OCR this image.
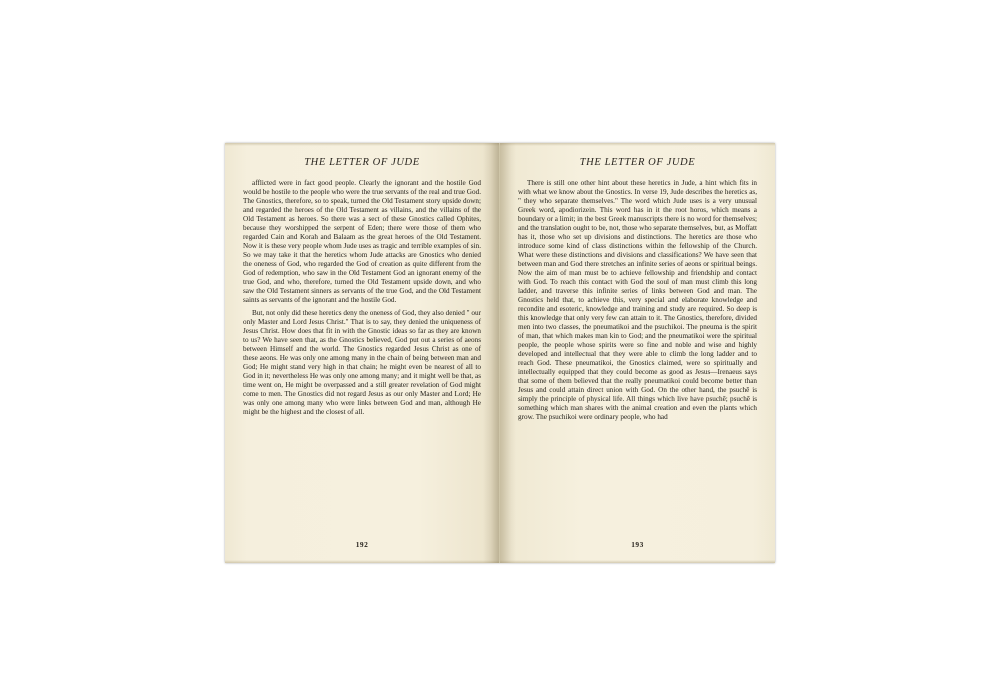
THE LETTER OF JUDE

afflicted were in fact good people. Clearly the ignorant and the hostile God would be hostile to the people who were the true servants of the real and true God. The Gnostics, therefore, so to speak, turned the Old Testament story upside down; and regarded the heroes of the Old Testament as villains, and the villains of the Old Testament as heroes. So there was a sect of these Gnostics called Ophites, because they worshipped the serpent of Eden; there were those of them who regarded Cain and Korah and Balaam as the great heroes of the Old Testament. Now it is these very people whom Jude uses as tragic and terrible examples of sin. So we may take it that the heretics whom Jude attacks are Gnostics who denied the oneness of God, who regarded the God of creation as quite different from the God of redemption, who saw in the Old Testament God an ignorant enemy of the true God, and who, therefore, turned the Old Testament upside down, and who saw the Old Testament sinners as servants of the true God, and the Old Testament saints as servants of the ignorant and the hostile God.

But, not only did these heretics deny the oneness of God, they also denied " our only Master and Lord Jesus Christ." That is to say, they denied the uniqueness of Jesus Christ. How does that fit in with the Gnostic ideas so far as they are known to us? We have seen that, as the Gnostics believed, God put out a series of aeons between Himself and the world. The Gnostics regarded Jesus Christ as one of these aeons. He was only one among many in the chain of being between man and God; He might stand very high in that chain; he might even be nearest of all to God in it; nevertheless He was only one among many; and it might well be that, as time went on, He might be overpassed and a still greater revelation of God might come to men. The Gnostics did not regard Jesus as our only Master and Lord; He was only one among many who were links between God and man, although He might be the highest and the closest of all.

192
THE LETTER OF JUDE

There is still one other hint about these heretics in Jude, a hint which fits in with what we know about the Gnostics. In verse 19, Jude describes the heretics as, " they who separate themselves." The word which Jude uses is a very unusual Greek word, apodiorizein. This word has in it the root horos, which means a boundary or a limit; in the best Greek manuscripts there is no word for themselves; and the translation ought to be, not, those who separate themselves, but, as Moffatt has it, those who set up divisions and distinctions. The heretics are those who introduce some kind of class distinctions within the fellowship of the Church. What were these distinctions and divisions and classifications? We have seen that between man and God there stretches an infinite series of aeons or spiritual beings. Now the aim of man must be to achieve fellowship and friendship and contact with God. To reach this contact with God the soul of man must climb this long ladder, and traverse this infinite series of links between God and man. The Gnostics held that, to achieve this, very special and elaborate knowledge and recondite and esoteric, knowledge and training and study are required. So deep is this knowledge that only very few can attain to it. The Gnostics, therefore, divided men into two classes, the pneumatikoi and the psuchikoi. The pneuma is the spirit of man, that which makes man kin to God; and the pneumatikoi were the spiritual people, the people whose spirits were so fine and noble and wise and highly developed and intellectual that they were able to climb the long ladder and to reach God. These pneumatikoi, the Gnostics claimed, were so spiritually and intellectually equipped that they could become as good as Jesus—Irenaeus says that some of them believed that the really pneumatikoi could become better than Jesus and could attain direct union with God. On the other hand, the psuchē is simply the principle of physical life. All things which live have psuchē; psuchē is something which man shares with the animal creation and even the plants which grow. The psuchikoi were ordinary people, who had

193
